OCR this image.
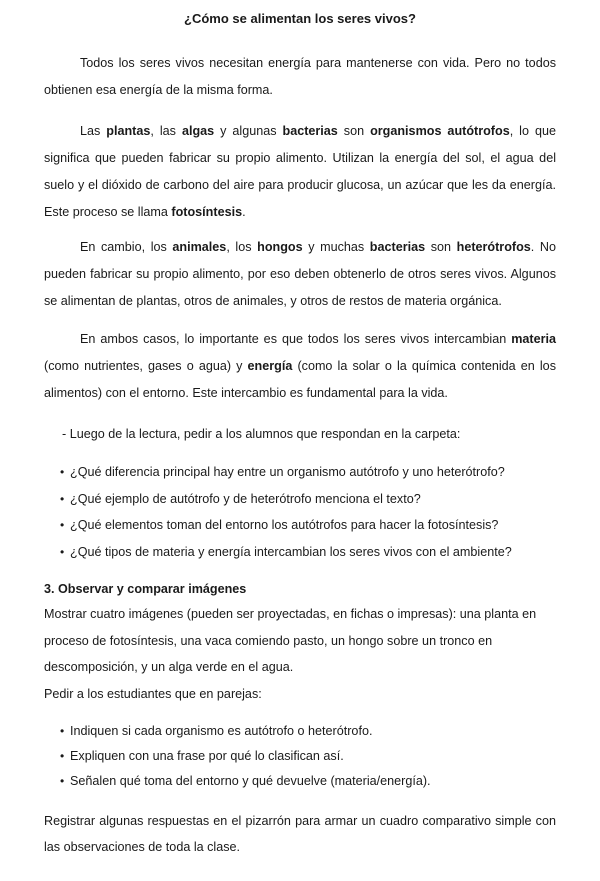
¿Cómo se alimentan los seres vivos?
Todos los seres vivos necesitan energía para mantenerse con vida. Pero no todos obtienen esa energía de la misma forma.
Las plantas, las algas y algunas bacterias son organismos autótrofos, lo que significa que pueden fabricar su propio alimento. Utilizan la energía del sol, el agua del suelo y el dióxido de carbono del aire para producir glucosa, un azúcar que les da energía. Este proceso se llama fotosíntesis.
En cambio, los animales, los hongos y muchas bacterias son heterótrofos. No pueden fabricar su propio alimento, por eso deben obtenerlo de otros seres vivos. Algunos se alimentan de plantas, otros de animales, y otros de restos de materia orgánica.
En ambos casos, lo importante es que todos los seres vivos intercambian materia (como nutrientes, gases o agua) y energía (como la solar o la química contenida en los alimentos) con el entorno. Este intercambio es fundamental para la vida.
- Luego de la lectura, pedir a los alumnos que respondan en la carpeta:
• ¿Qué diferencia principal hay entre un organismo autótrofo y uno heterótrofo?
• ¿Qué ejemplo de autótrofo y de heterótrofo menciona el texto?
• ¿Qué elementos toman del entorno los autótrofos para hacer la fotosíntesis?
• ¿Qué tipos de materia y energía intercambian los seres vivos con el ambiente?
3. Observar y comparar imágenes
Mostrar cuatro imágenes (pueden ser proyectadas, en fichas o impresas): una planta en
proceso de fotosíntesis, una vaca comiendo pasto, un hongo sobre un tronco en
descomposición, y un alga verde en el agua.
Pedir a los estudiantes que en parejas:
• Indiquen si cada organismo es autótrofo o heterótrofo.
• Expliquen con una frase por qué lo clasifican así.
• Señalen qué toma del entorno y qué devuelve (materia/energía).
Registrar algunas respuestas en el pizarrón para armar un cuadro comparativo simple con las observaciones de toda la clase.
